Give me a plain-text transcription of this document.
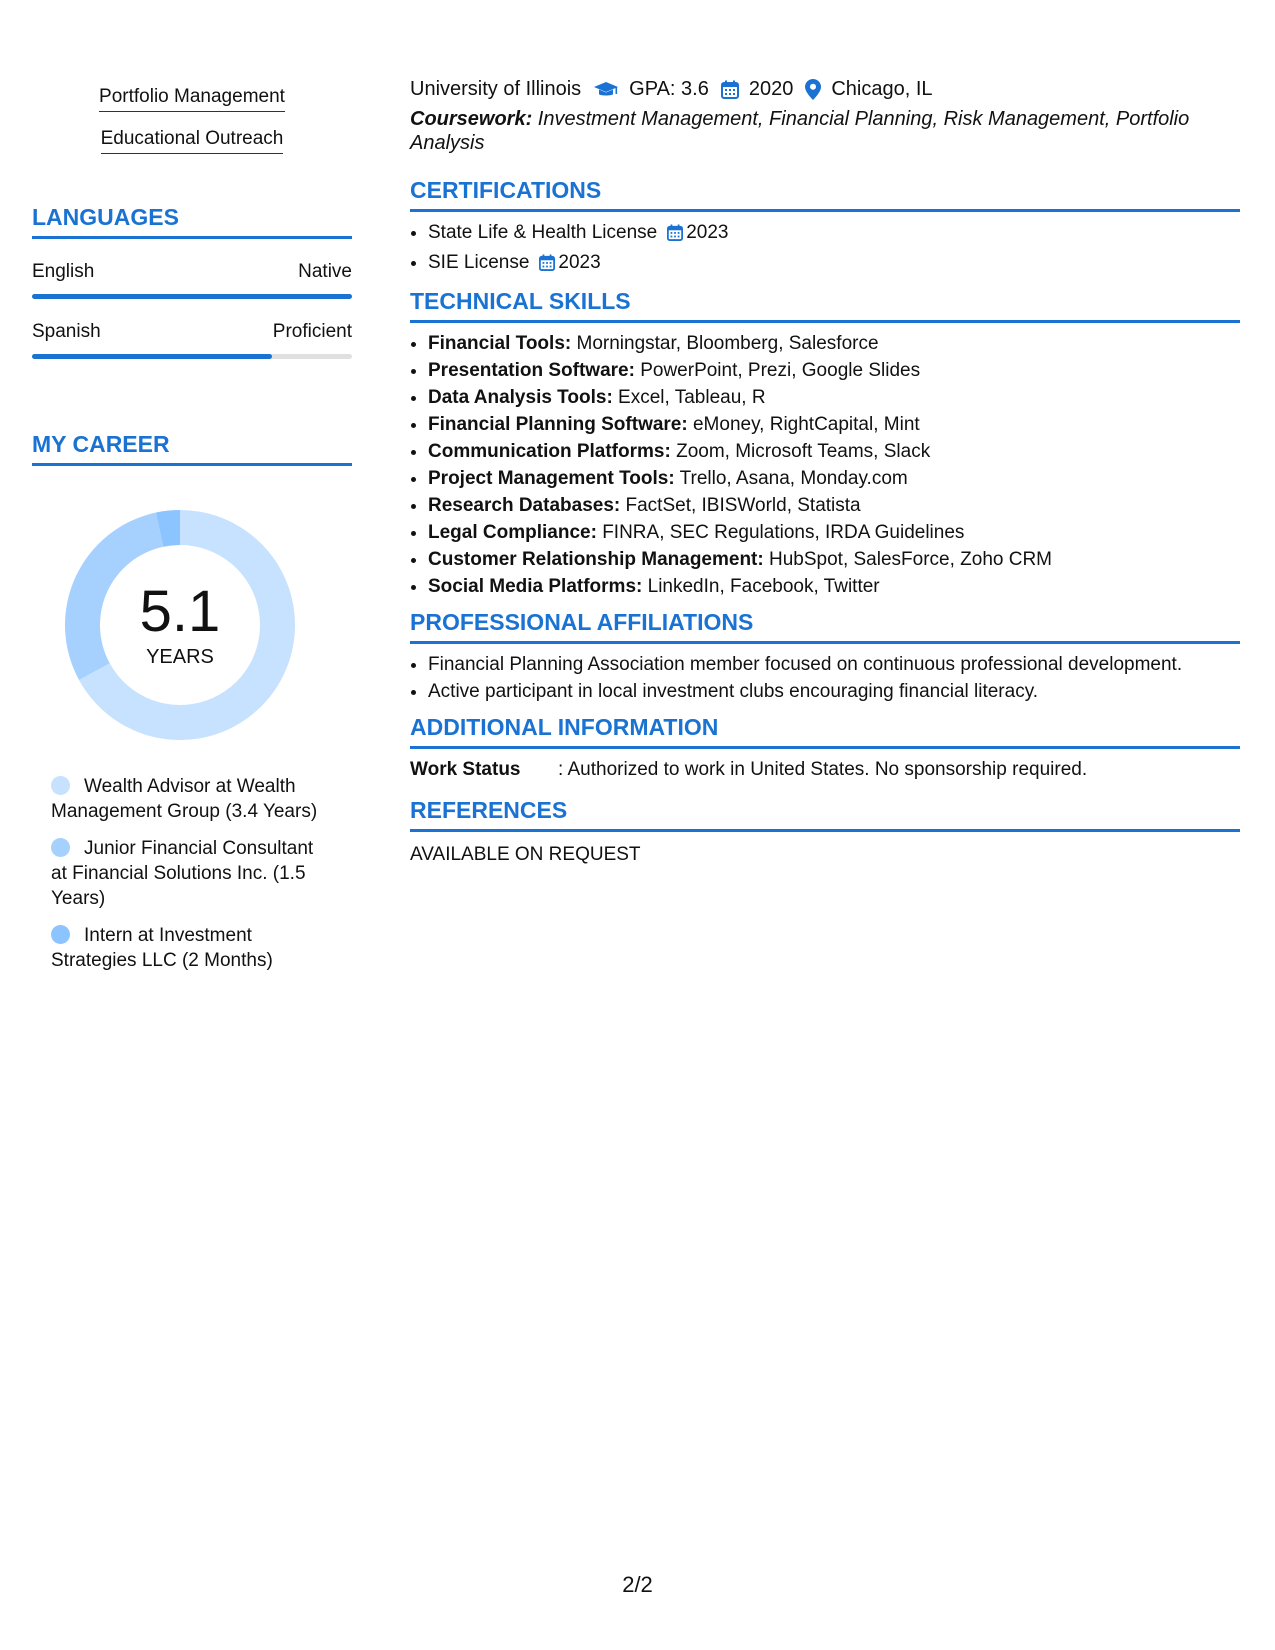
Portfolio Management
Educational Outreach
LANGUAGES
English	Native
Spanish	Proficient
MY CAREER
5.1
YEARS
Wealth Advisor at Wealth Management Group (3.4 Years)
Junior Financial Consultant at Financial Solutions Inc. (1.5 Years)
Intern at Investment Strategies LLC (2 Months)
University of Illinois GPA: 3.6 2020 Chicago, IL
Coursework: Investment Management, Financial Planning, Risk Management, Portfolio Analysis
CERTIFICATIONS
• State Life & Health License 2023
• SIE License 2023
TECHNICAL SKILLS
• Financial Tools: Morningstar, Bloomberg, Salesforce
• Presentation Software: PowerPoint, Prezi, Google Slides
• Data Analysis Tools: Excel, Tableau, R
• Financial Planning Software: eMoney, RightCapital, Mint
• Communication Platforms: Zoom, Microsoft Teams, Slack
• Project Management Tools: Trello, Asana, Monday.com
• Research Databases: FactSet, IBISWorld, Statista
• Legal Compliance: FINRA, SEC Regulations, IRDA Guidelines
• Customer Relationship Management: HubSpot, SalesForce, Zoho CRM
• Social Media Platforms: LinkedIn, Facebook, Twitter
PROFESSIONAL AFFILIATIONS
• Financial Planning Association member focused on continuous professional development.
• Active participant in local investment clubs encouraging financial literacy.
ADDITIONAL INFORMATION
Work Status	: Authorized to work in United States. No sponsorship required.
REFERENCES
AVAILABLE ON REQUEST
2/2
